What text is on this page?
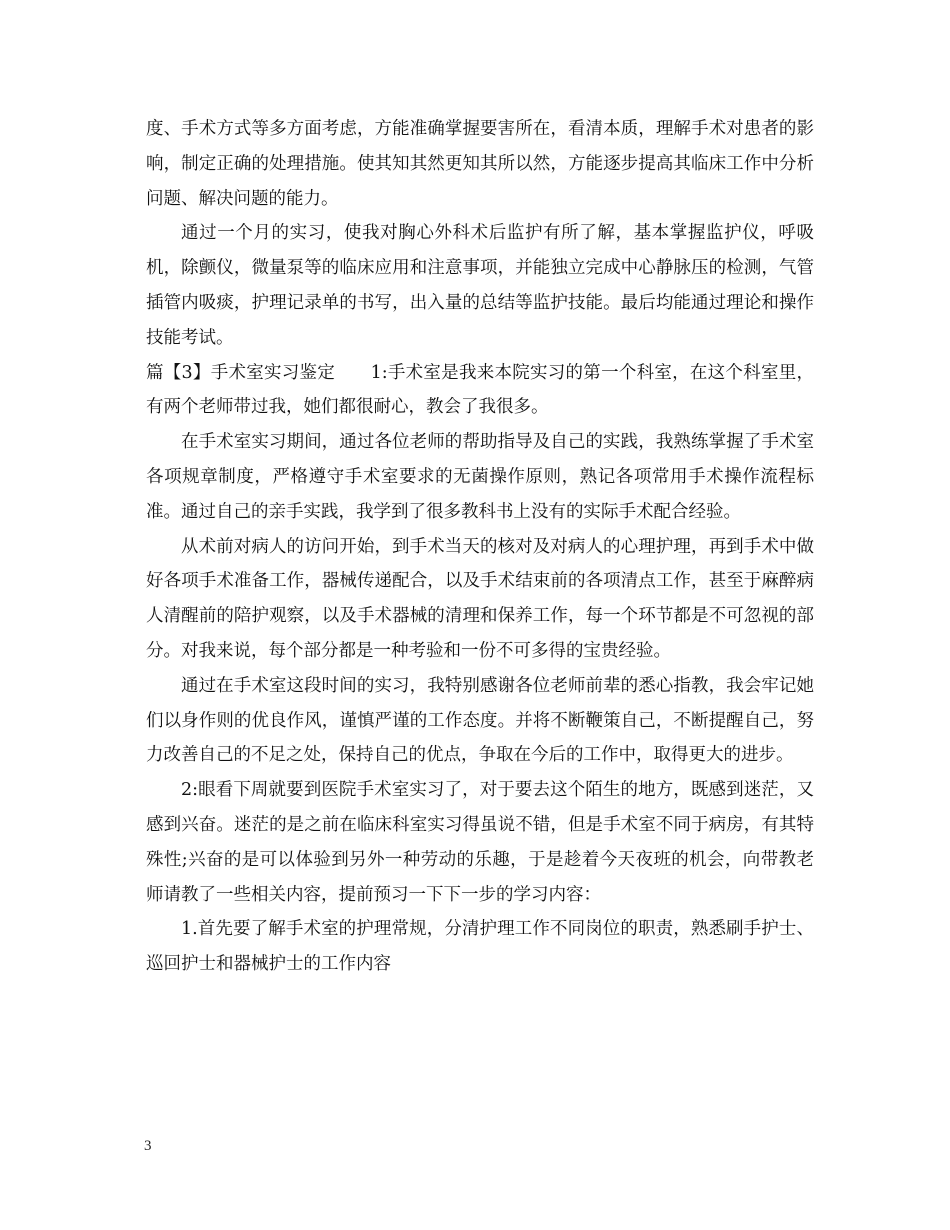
度、手术方式等多方面考虑，方能准确掌握要害所在，看清本质，理解手术对患者的影响，制定正确的处理措施。使其知其然更知其所以然，方能逐步提高其临床工作中分析问题、解决问题的能力。

通过一个月的实习，使我对胸心外科术后监护有所了解，基本掌握监护仪，呼吸机，除颤仪，微量泵等的临床应用和注意事项，并能独立完成中心静脉压的检测，气管插管内吸痰，护理记录单的书写，出入量的总结等监护技能。最后均能通过理论和操作技能考试。

篇【3】手术室实习鉴定　　1:手术室是我来本院实习的第一个科室，在这个科室里，有两个老师带过我，她们都很耐心，教会了我很多。

在手术室实习期间，通过各位老师的帮助指导及自己的实践，我熟练掌握了手术室各项规章制度，严格遵守手术室要求的无菌操作原则，熟记各项常用手术操作流程标准。通过自己的亲手实践，我学到了很多教科书上没有的实际手术配合经验。

从术前对病人的访问开始，到手术当天的核对及对病人的心理护理，再到手术中做好各项手术准备工作，器械传递配合，以及手术结束前的各项清点工作，甚至于麻醉病人清醒前的陪护观察，以及手术器械的清理和保养工作，每一个环节都是不可忽视的部分。对我来说，每个部分都是一种考验和一份不可多得的宝贵经验。

通过在手术室这段时间的实习，我特别感谢各位老师前辈的悉心指教，我会牢记她们以身作则的优良作风，谨慎严谨的工作态度。并将不断鞭策自己，不断提醒自己，努力改善自己的不足之处，保持自己的优点，争取在今后的工作中，取得更大的进步。

2:眼看下周就要到医院手术室实习了，对于要去这个陌生的地方，既感到迷茫，又感到兴奋。迷茫的是之前在临床科室实习得虽说不错，但是手术室不同于病房，有其特殊性;兴奋的是可以体验到另外一种劳动的乐趣，于是趁着今天夜班的机会，向带教老师请教了一些相关内容，提前预习一下下一步的学习内容：

1.首先要了解手术室的护理常规，分清护理工作不同岗位的职责，熟悉刷手护士、巡回护士和器械护士的工作内容

3
